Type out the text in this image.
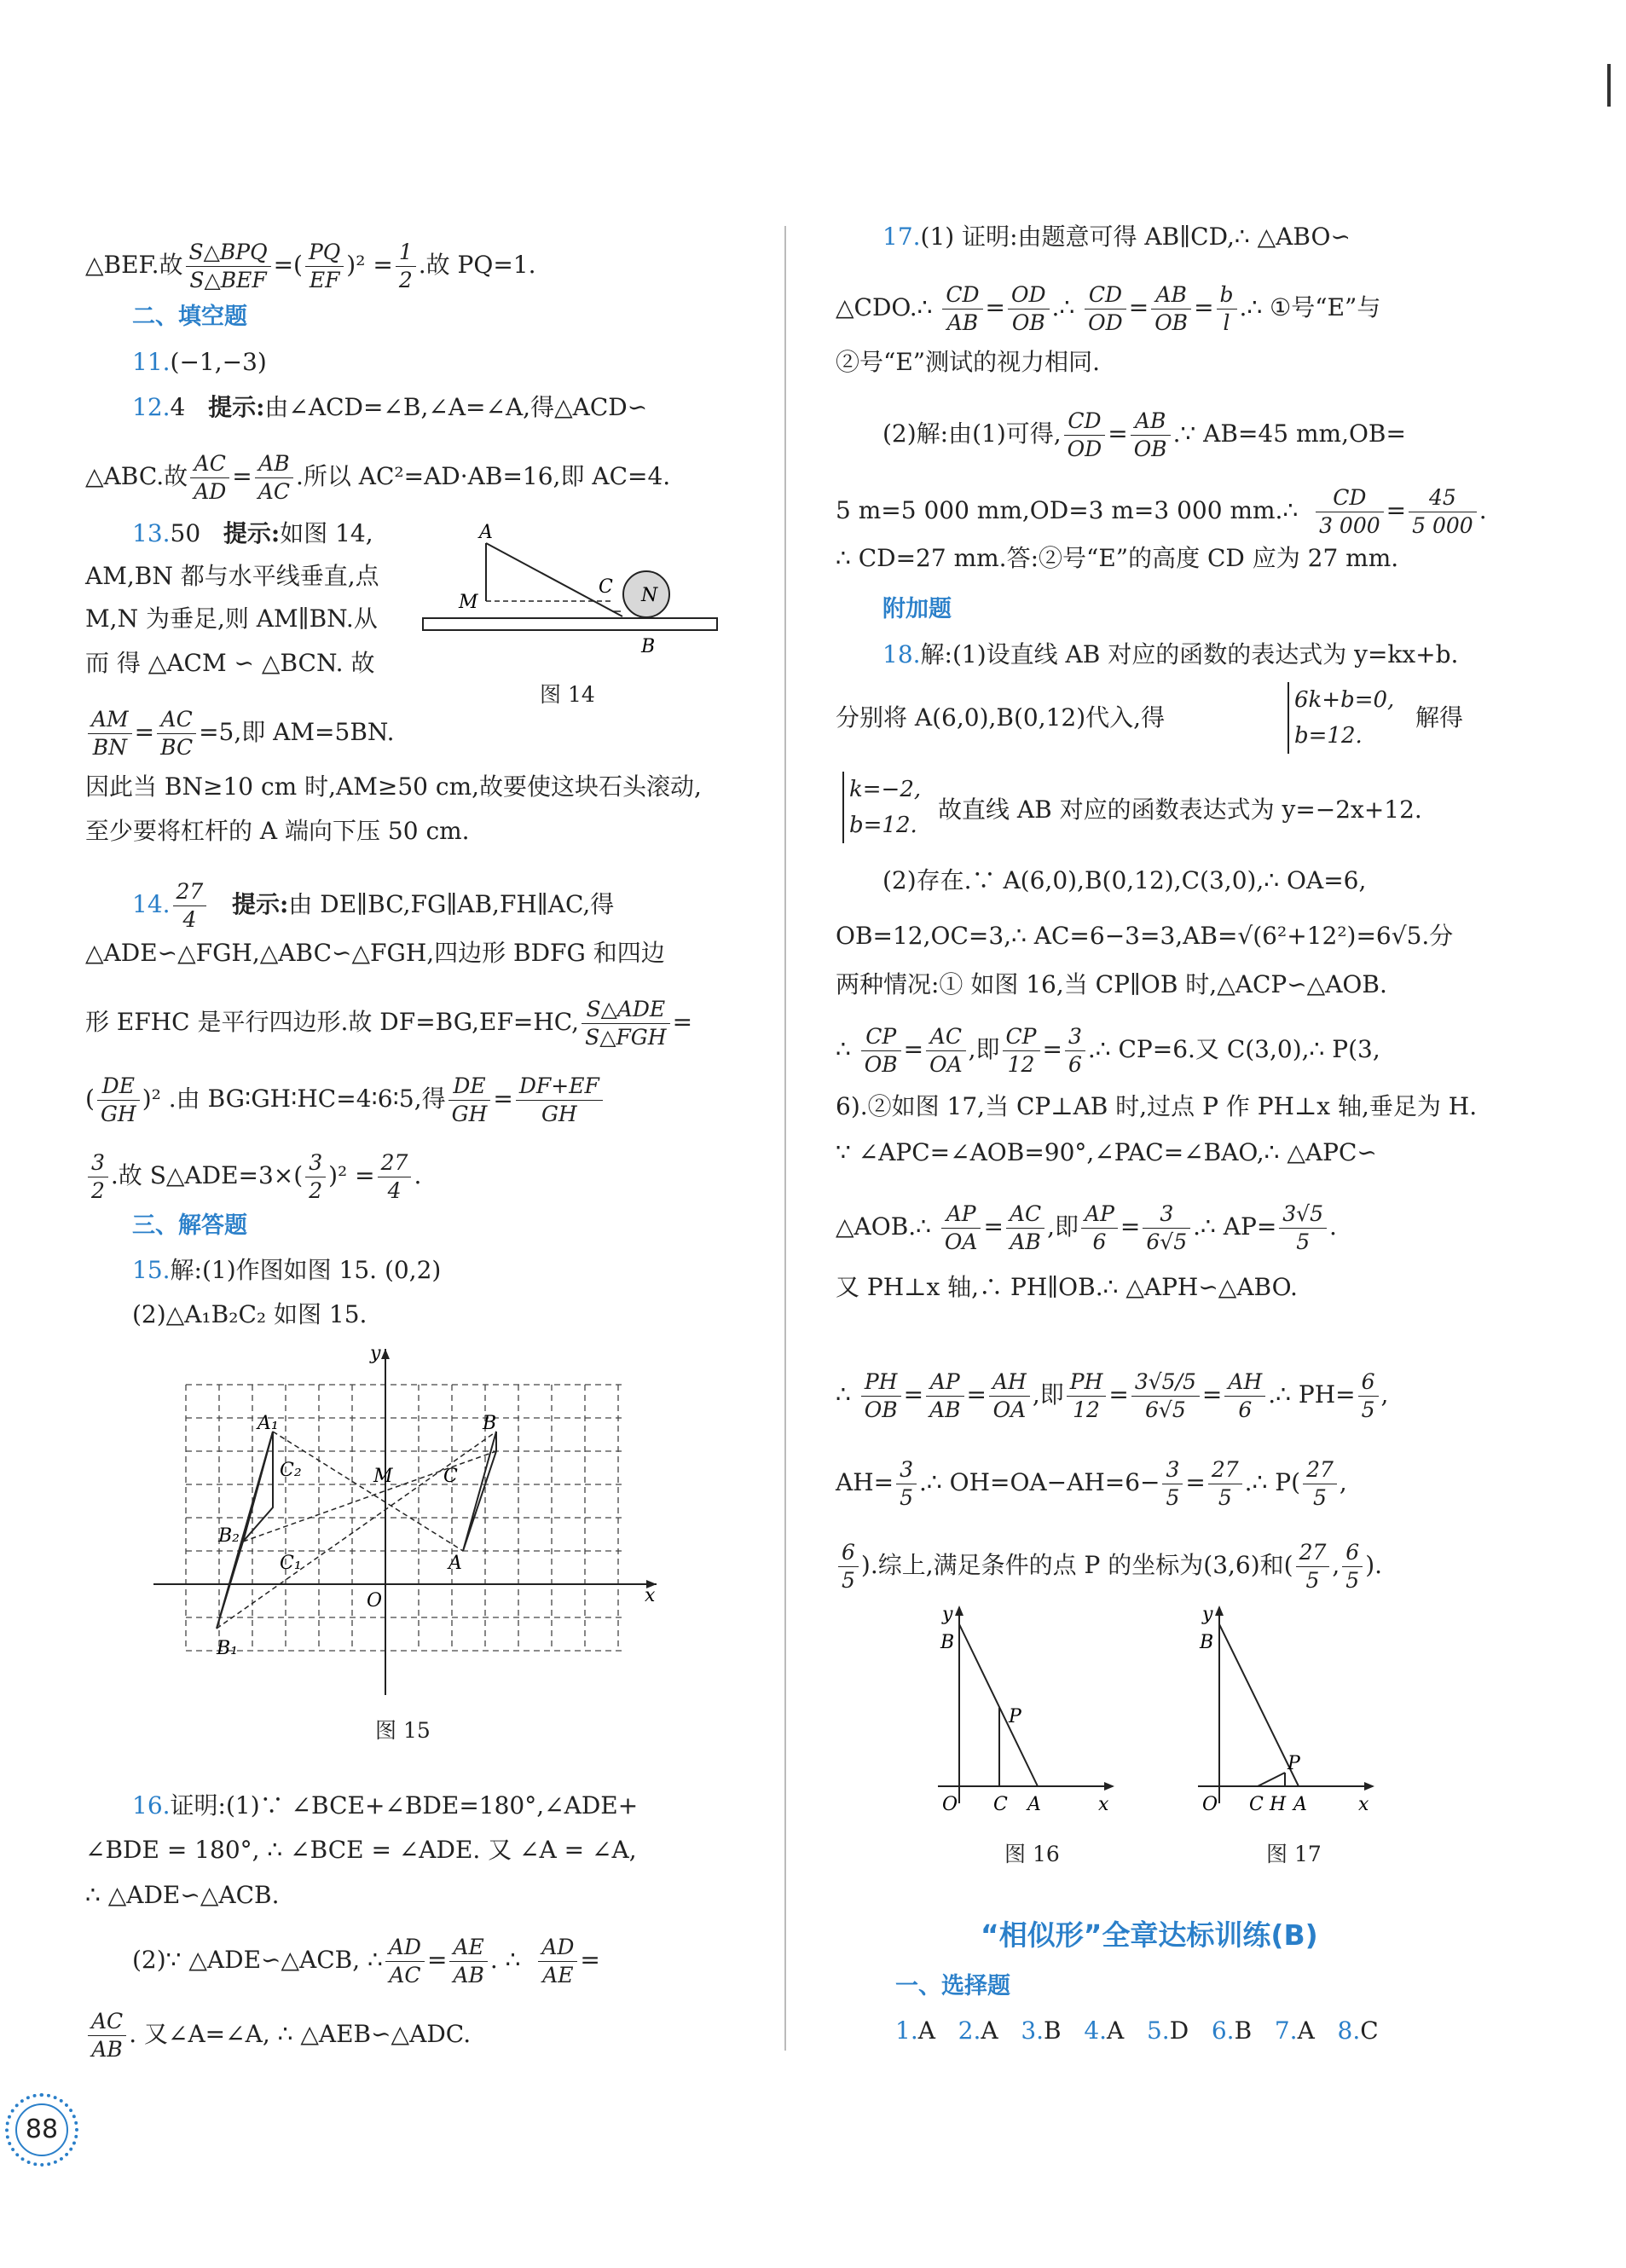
△BEF.故 $\frac{\text{S△BPQ}}{\text{S△BEF}}$ =( $\frac{PQ}{EF} )^2 = \frac{1}{2}$ .故 PQ=1.
二、填空题
11.(−1,−3)
12.4 提示:由∠ACD=∠B,∠A=∠A,得△ACD∽
△ABC.故 $\frac{AC}{AD} = \frac{AB}{AC}$ .所以 AC²=AD·AB=16,即 AC=4.
13.50 提示:如图 14,
AM,BN 都与水平线垂直,点
M,N 为垂足,则 AM∥BN.从
而 得 △ACM ∽ △BCN. 故
$\frac{AM}{BN} = \frac{AC}{BC} =5$,即 AM=5BN.
因此当 BN≥10 cm 时,AM≥50 cm,故要使这块石头滚动,
至少要将杠杆的 A 端向下压 50 cm.
A
M
C N
B
图 14
14. $\frac{27}{4}$ 提示:由 DE∥BC,FG∥AB,FH∥AC,得
△ADE∽△FGH,△ABC∽△FGH,四边形 BDFG 和四边
形 EFHC 是平行四边形.故 DF=BG,EF=HC, $\frac{\text{S△ADE}}{\text{S△FGH}}$ =
( $\frac{DE}{GH} )^2$ .由 BG∶GH∶HC=4∶6∶5,得 $\frac{DE}{GH} = \frac{DF+EF}{GH}$
$\frac{3}{2}$ .故 S△ADE=3×( $\frac{3}{2} )^2 = \frac{27}{4}$ .
三、解答题
15.解:(1)作图如图 15. (0,2)
(2)△A₁B₂C₂ 如图 15.
B
A
C
M
O
A₁
C₂
B₂
C₁
B₁
x
y
图 15
16.证明:(1)∵ ∠BCE+∠BDE=180°,∠ADE+
∠BDE = 180°, ∴ ∠BCE = ∠ADE. 又 ∠A = ∠A,
∴ △ADE∽△ACB.
(2)∵ △ADE∽△ACB, ∴ $\frac{AD}{AC} = \frac{AE}{AB}$ . ∴ $\frac{AD}{AE}$ =
$\frac{AC}{AB}$ . 又∠A=∠A, ∴ △AEB∽△ADC.
17.(1) 证明:由题意可得 AB∥CD,∴ △ABO∽
△CDO.∴ $\frac{CD}{AB} = \frac{OD}{OB}$ .∴ $\frac{CD}{OD} = \frac{AB}{OB} = \frac{b}{l}$ .∴ ①号“E”与
②号“E”测试的视力相同.
(2)解:由(1)可得, $\frac{CD}{OD} = \frac{AB}{OB}$ .∵ AB=45 mm,OB=
5 m=5 000 mm,OD=3 m=3 000 mm.∴ $\frac{CD}{3 000} = \frac{45}{5 000}$ .
∴ CD=27 mm.答:②号“E”的高度 CD 应为 27 mm.
附加题
18.解:(1)设直线 AB 对应的函数的表达式为 y=kx+b.
分别将 A(6,0),B(0,12)代入,得
6k+b=0,
b=12.
解得
k=−2,
b=12.
故直线 AB 对应的函数表达式为 y=−2x+12.
(2)存在.∵ A(6,0),B(0,12),C(3,0),∴ OA=6,
OB=12,OC=3,∴ AC=6−3=3,AB=√(6²+12²)=6√5.分
两种情况:① 如图 16,当 CP∥OB 时,△ACP∽△AOB.
∴ $\frac{CP}{OB} = \frac{AC}{OA}$ ,即 $\frac{CP}{12} = \frac{3}{6}$ .∴ CP=6.又 C(3,0),∴ P(3,
6).②如图 17,当 CP⊥AB 时,过点 P 作 PH⊥x 轴,垂足为 H.
∵ ∠APC=∠AOB=90°,∠PAC=∠BAO,∴ △APC∽
△AOB.∴ $\frac{AP}{OA} = \frac{AC}{AB}$ ,即 $\frac{AP}{6} = \frac{3}{6√5}$ .∴ $AP= \frac{3√5}{5}$ .
又 PH⊥x 轴,∴ PH∥OB.∴ △APH∽△ABO.
∴ $\frac{PH}{OB} = \frac{AP}{AB} = \frac{AH}{OA}$ ,即 $\frac{PH}{12} = \frac{3√5/5}{6√5} = \frac{AH}{6}$ .∴ $PH= \frac{6}{5}$ ,
$AH= \frac{3}{5}$ .∴ $OH=OA-AH=6- \frac{3}{5} = \frac{27}{5}$ .∴ $P( \frac{27}{5}$ ,
$\frac{6}{5}$ ).综上,满足条件的点 P 的坐标为(3,6)和( $\frac{27}{5}$ , $\frac{6}{5}$ ).
B
P
O C A	x
y
图 16
B
P
O C H A	x
y
图 17
“相似形”全章达标训练(B)
一、选择题
1.A 2.A 3.B 4.A 5.D 6.B 7.A 8.C
88
